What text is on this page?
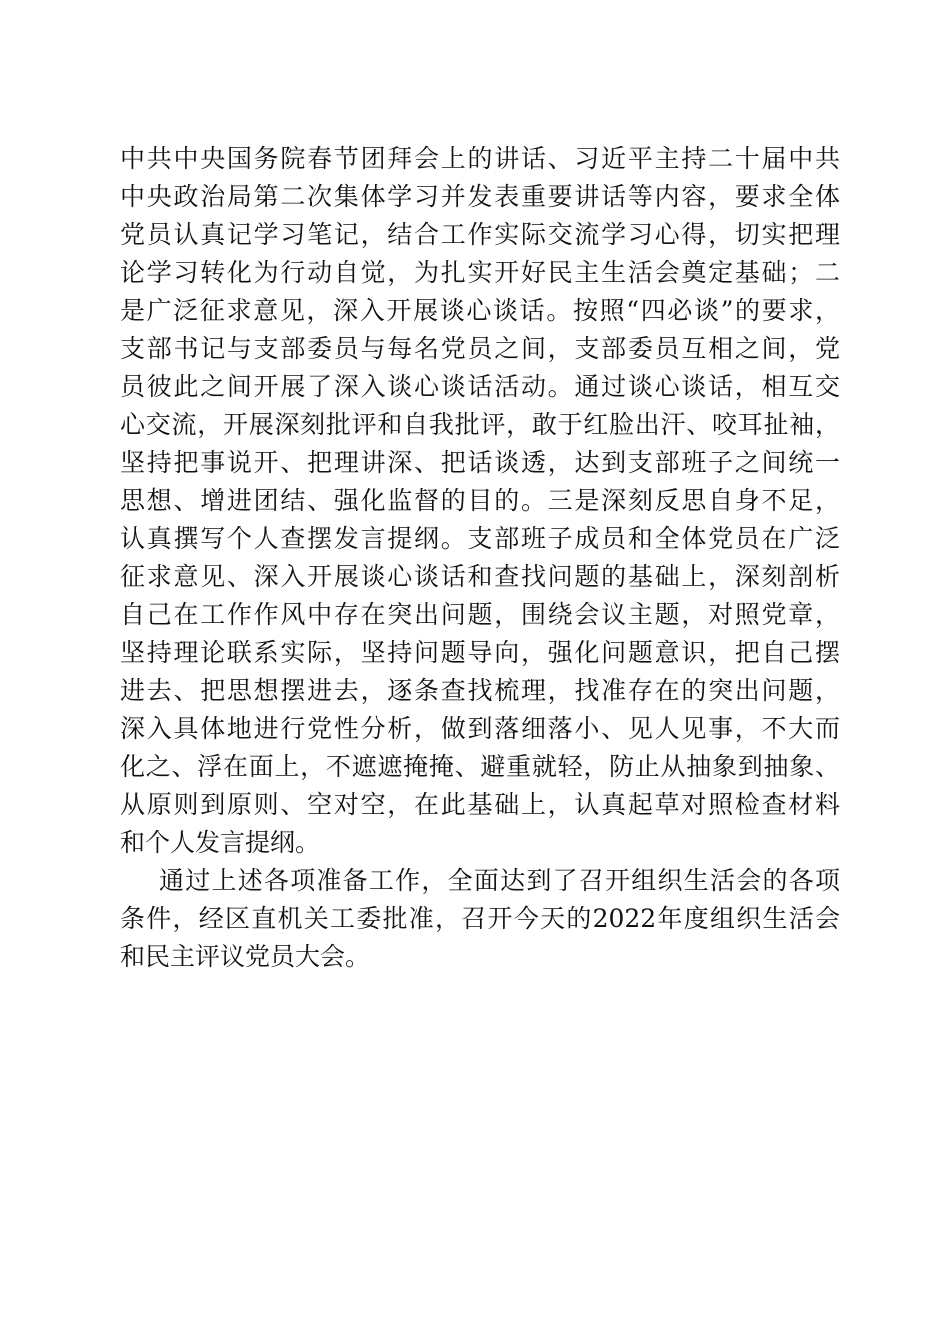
中共中央国务院春节团拜会上的讲话、习近平主持二十届中共
中央政治局第二次集体学习并发表重要讲话等内容，要求全体
党员认真记学习笔记，结合工作实际交流学习心得，切实把理
论学习转化为行动自觉，为扎实开好民主生活会奠定基础；二
是广泛征求意见，深入开展谈心谈话。按照“四必谈”的要求，
支部书记与支部委员与每名党员之间，支部委员互相之间，党
员彼此之间开展了深入谈心谈话活动。通过谈心谈话，相互交
心交流，开展深刻批评和自我批评，敢于红脸出汗、咬耳扯袖，
坚持把事说开、把理讲深、把话谈透，达到支部班子之间统一
思想、增进团结、强化监督的目的。三是深刻反思自身不足，
认真撰写个人查摆发言提纲。支部班子成员和全体党员在广泛
征求意见、深入开展谈心谈话和查找问题的基础上，深刻剖析
自己在工作作风中存在突出问题，围绕会议主题，对照党章，
坚持理论联系实际，坚持问题导向，强化问题意识，把自己摆
进去、把思想摆进去，逐条查找梳理，找准存在的突出问题，
深入具体地进行党性分析，做到落细落小、见人见事，不大而
化之、浮在面上，不遮遮掩掩、避重就轻，防止从抽象到抽象、
从原则到原则、空对空，在此基础上，认真起草对照检查材料
和个人发言提纲。
通过上述各项准备工作，全面达到了召开组织生活会的各项
条件，经区直机关工委批准，召开今天的2022年度组织生活会
和民主评议党员大会。
